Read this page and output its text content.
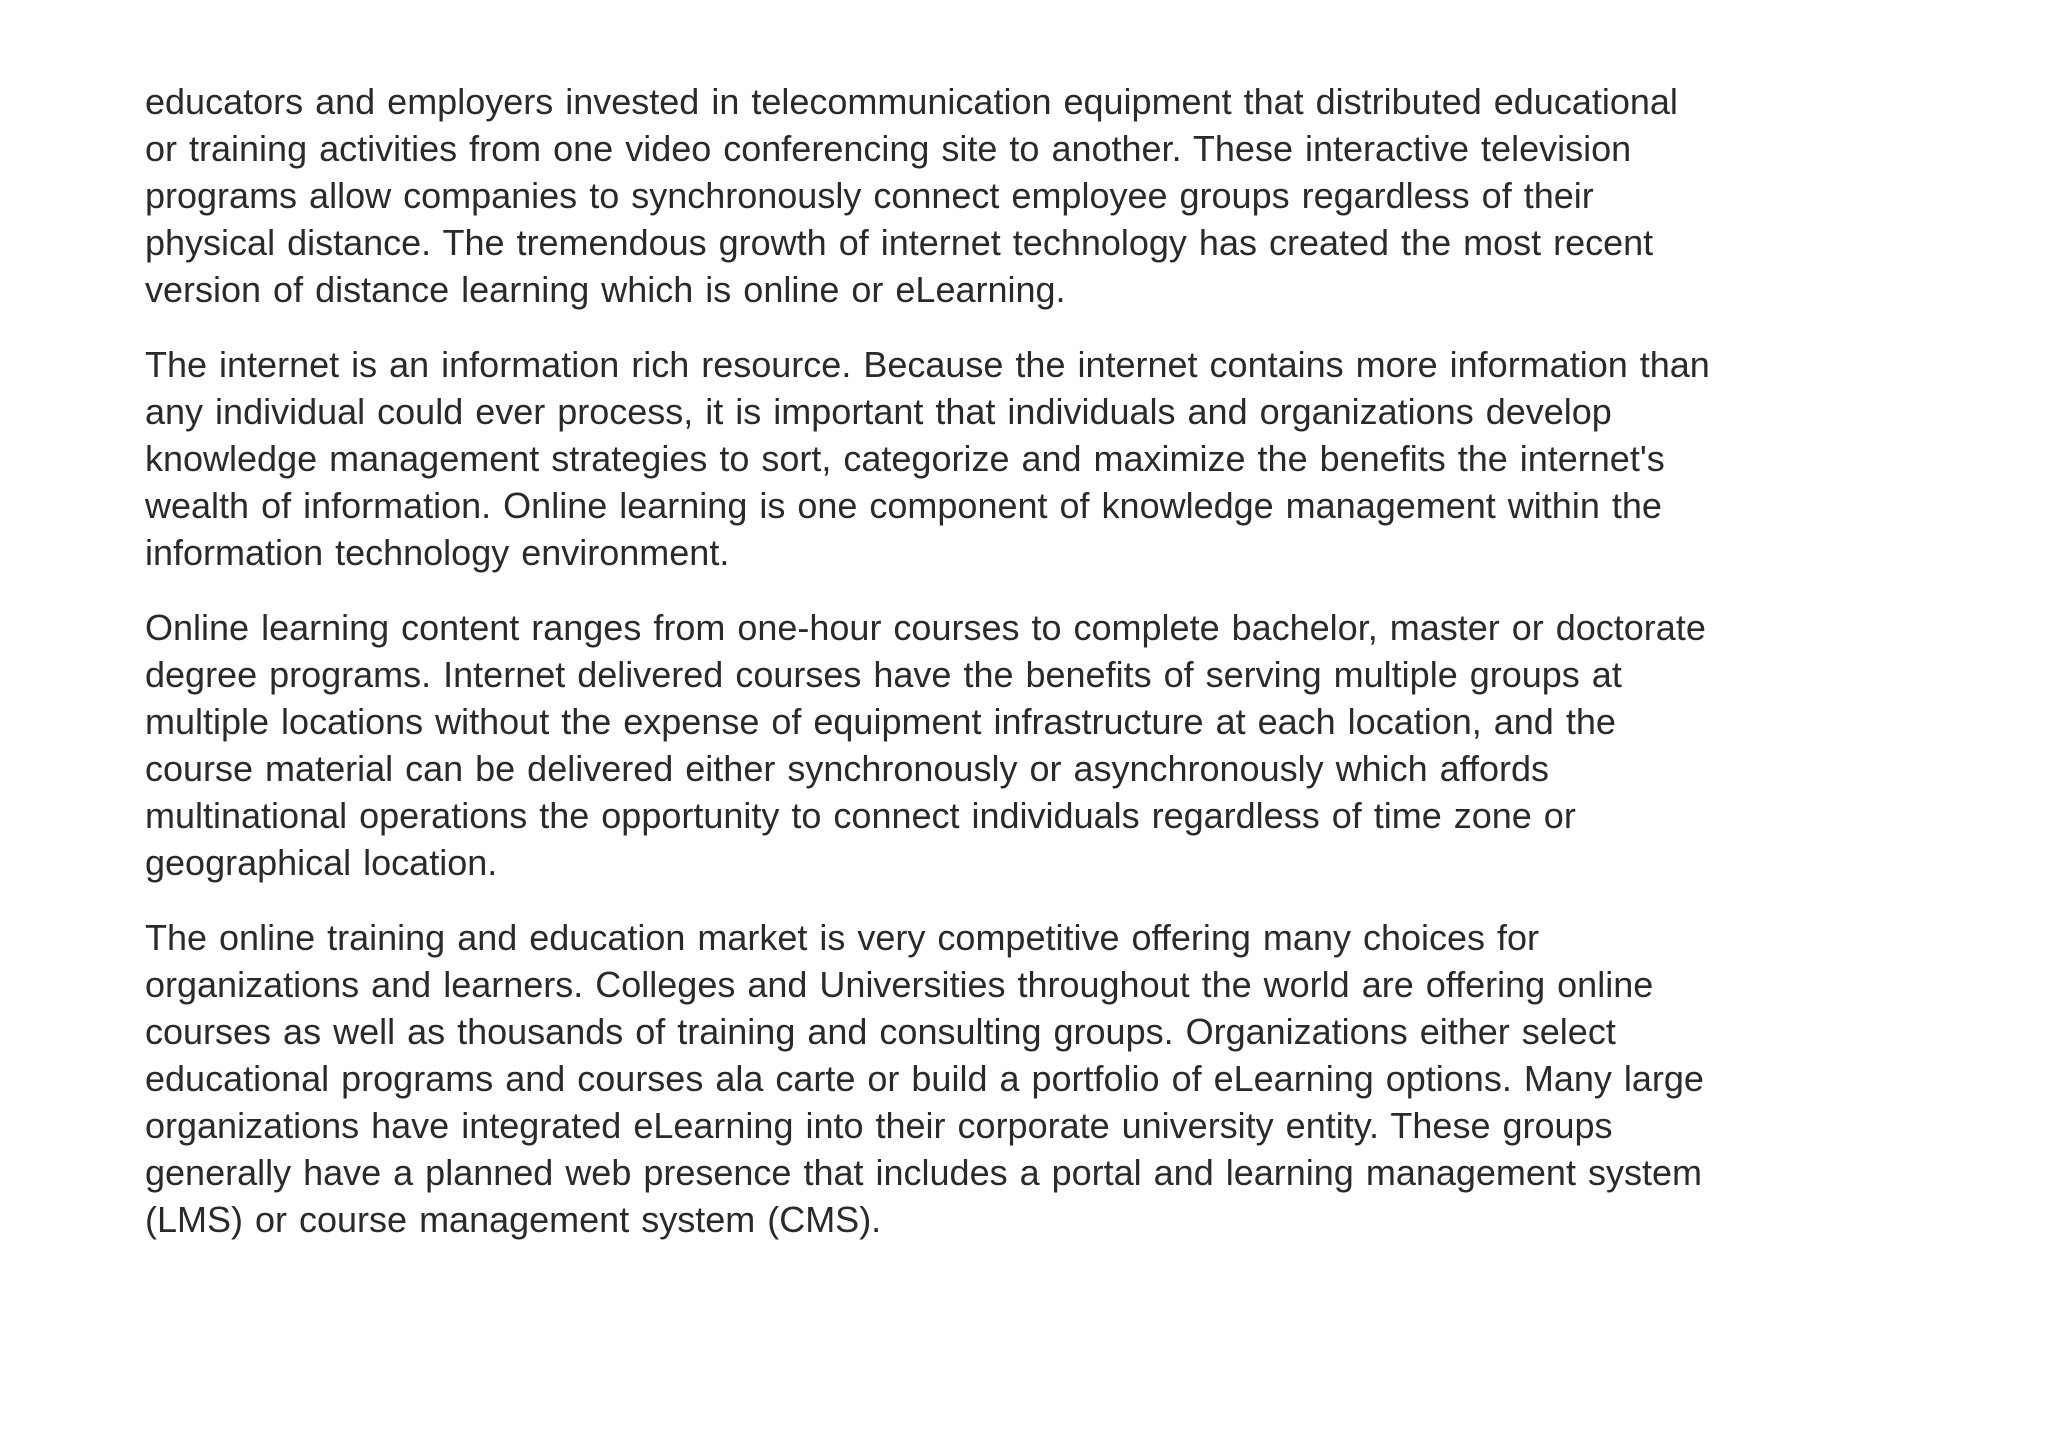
educators and employers invested in telecommunication equipment that distributed educational
or training activities from one video conferencing site to another. These interactive television
programs allow companies to synchronously connect employee groups regardless of their
physical distance. The tremendous growth of internet technology has created the most recent
version of distance learning which is online or eLearning.
The internet is an information rich resource. Because the internet contains more information than
any individual could ever process, it is important that individuals and organizations develop
knowledge management strategies to sort, categorize and maximize the benefits the internet's
wealth of information. Online learning is one component of knowledge management within the
information technology environment.
Online learning content ranges from one-hour courses to complete bachelor, master or doctorate
degree programs. Internet delivered courses have the benefits of serving multiple groups at
multiple locations without the expense of equipment infrastructure at each location, and the
course material can be delivered either synchronously or asynchronously which affords
multinational operations the opportunity to connect individuals regardless of time zone or
geographical location.
The online training and education market is very competitive offering many choices for
organizations and learners. Colleges and Universities throughout the world are offering online
courses as well as thousands of training and consulting groups. Organizations either select
educational programs and courses ala carte or build a portfolio of eLearning options. Many large
organizations have integrated eLearning into their corporate university entity. These groups
generally have a planned web presence that includes a portal and learning management system
(LMS) or course management system (CMS).
